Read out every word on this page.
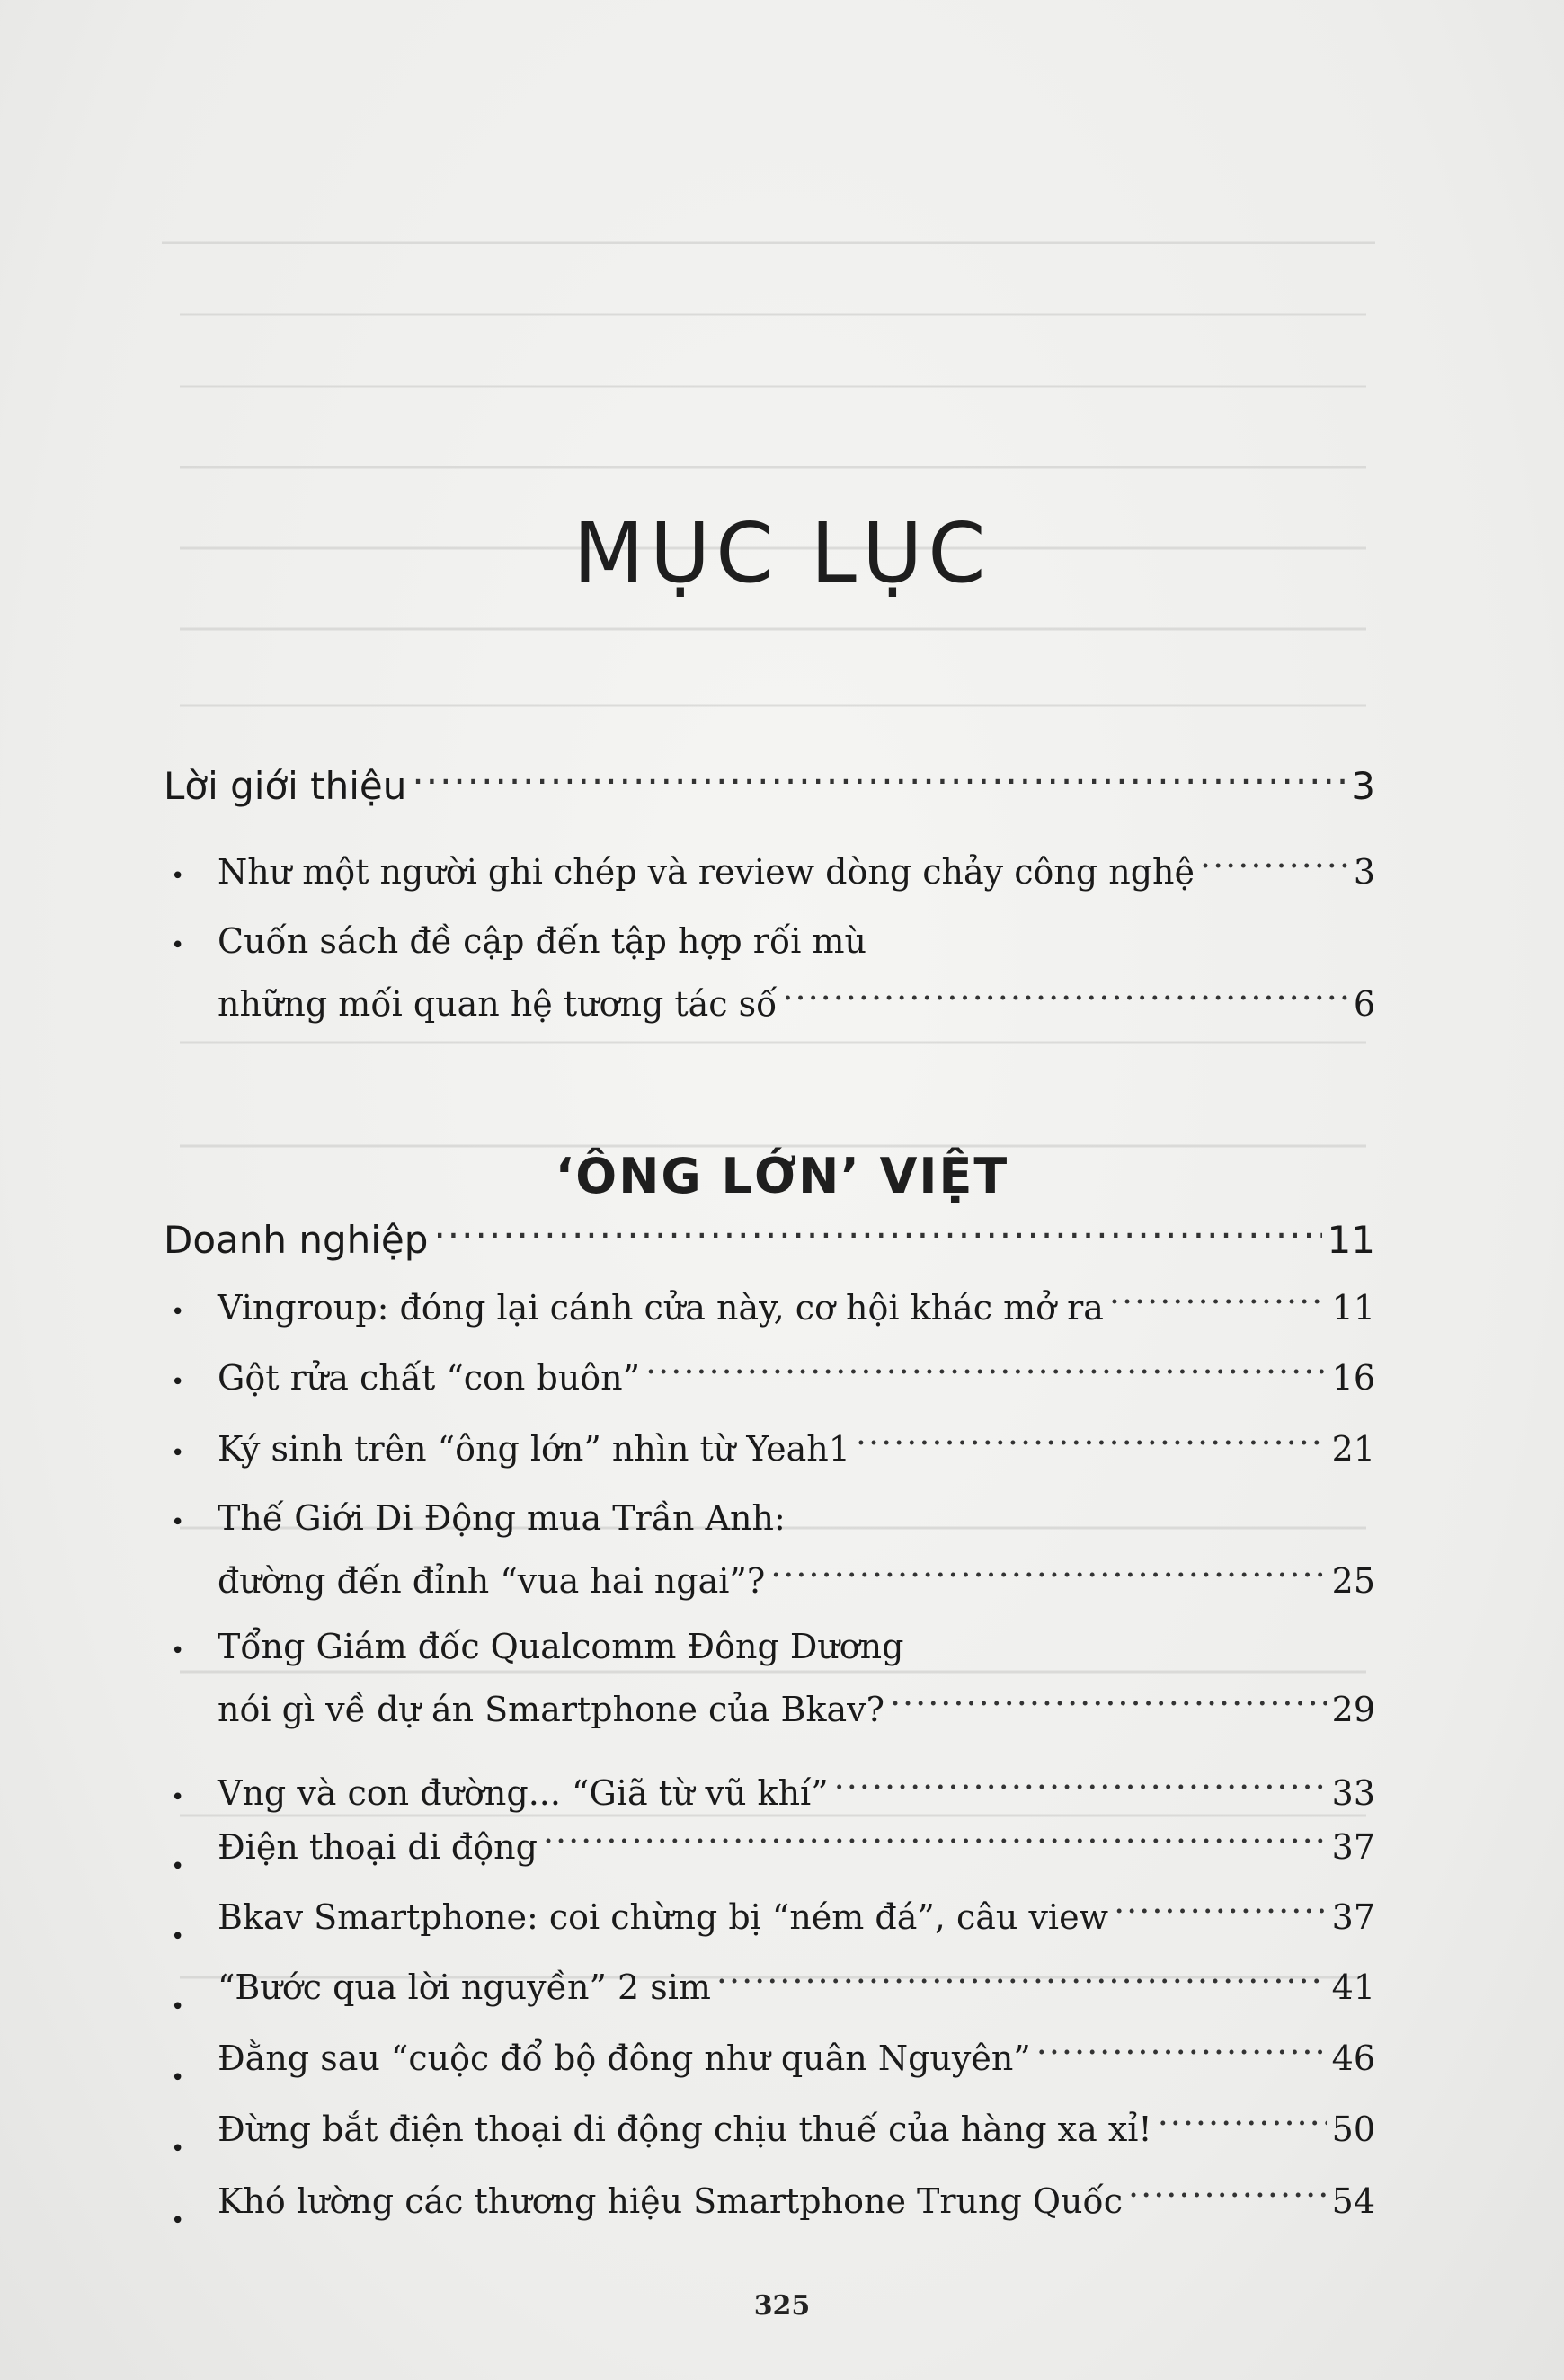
MỤC LỤC
Lời giới thiệu .....	3
• Như một người ghi chép và review dòng chảy công nghệ .....	3
• Cuốn sách đề cập đến tập hợp rối mù
những mối quan hệ tương tác số .....	6
‘ÔNG LỚN’ VIỆT
Doanh nghiệp .....	11
• Vingroup: đóng lại cánh cửa này, cơ hội khác mở ra .....	11
• Gột rửa chất “con buôn” .....	16
• Ký sinh trên “ông lớn” nhìn từ Yeah1 .....	21
• Thế Giới Di Động mua Trần Anh:
đường đến đỉnh “vua hai ngai”? .....	25
• Tổng Giám đốc Qualcomm Đông Dương
nói gì về dự án Smartphone của Bkav? .....	29
• Vng và con đường... “Giã từ vũ khí” .....	33
Điện thoại di động .....	37
•
• Bkav Smartphone: coi chừng bị “ném đá”, câu view .....	37
• “Bước qua lời nguyền” 2 sim .....	41
• Đằng sau “cuộc đổ bộ đông như quân Nguyên” .....	46
• Đừng bắt điện thoại di động chịu thuế của hàng xa xỉ! .....	50
• Khó lường các thương hiệu Smartphone Trung Quốc .....	54
325
